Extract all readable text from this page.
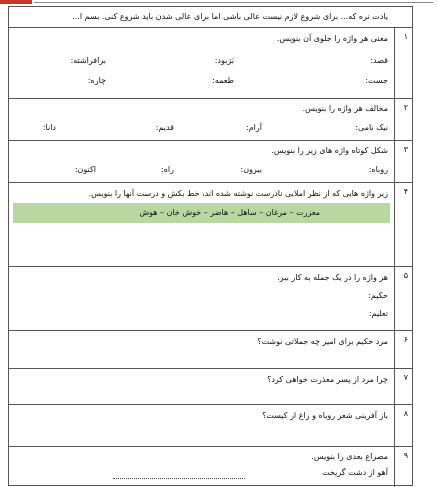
یادت نره که... برای شروع لازم نیست عالی باشی اما برای عالی شدن باید شروع کنی. بسم ا...
۱
معنی هر واژه را جلوی آن بنویس.
قصد:
بَرَبود:
برافراشته:
جست:
طعمه:
چاره:
۲
مخالف هر واژه را بنویس.
نیک نامی:
آرام:
قدیم:
دانا:
۳
شکل کوتاه واژه های زیر را بنویس.
روباه:
بیرون:
راه:
اکنون:
۴
زیر واژه هایی که از نظر املایی نادرست نوشته شده اند، خط بکش و درست آنها را بنویس.
معزرت – مرغان – ساهل – هاضر – خوش خان – هوش
۵
هر واژه را در یک جمله به کار ببر.
حکیم:
تعلیم:
۶
مرد حکیم برای امیر چه جملاتی نوشت؟
۷
چرا مرد از پسر معذرت خواهی کرد؟
۸
باز آفرینی شعر روباه و زاغ از کیست؟
۹
مصراع بعدی را بنویس.
آهو از دشت گریخت
